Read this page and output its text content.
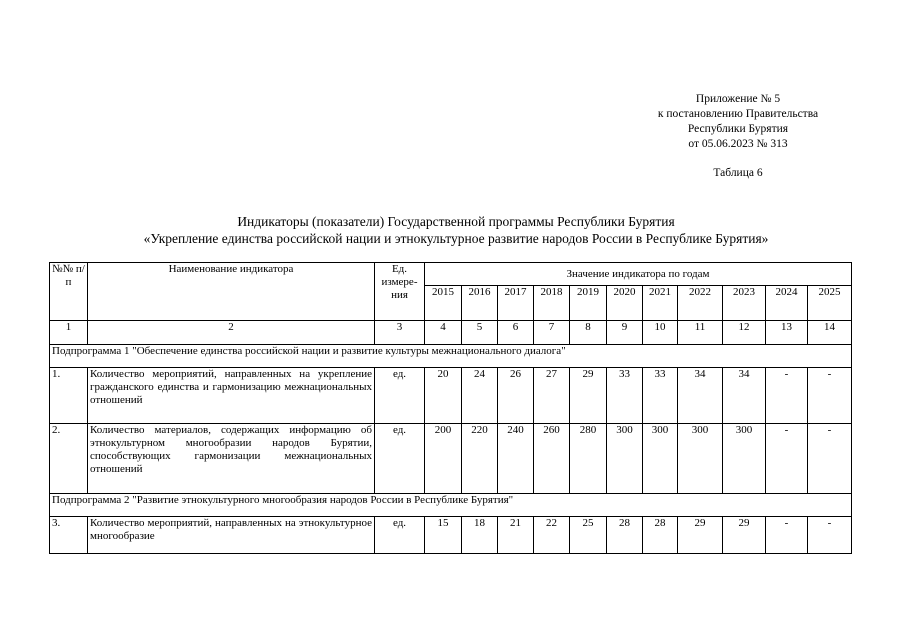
Приложение № 5
к постановлению Правительства
Республики Бурятия
от 05.06.2023 № 313
Таблица 6
Индикаторы (показатели) Государственной программы Республики Бурятия
«Укрепление единства российской нации и этнокультурное развитие народов России в Республике Бурятия»
№№ п/п	Наименование индикатора	Ед. измере-ния	Значение индикатора по годам										
			2015	2016	2017	2018	2019	2020	2021	2022	2023	2024	2025
1	2	3	4	5	6	7	8	9	10	11	12	13	14
Подпрограмма 1 "Обеспечение единства российской нации и развитие культуры межнационального диалога"													
1.	Количество мероприятий, направленных на укрепление гражданского единства и гармонизацию межнациональных отношений	ед.	20	24	26	27	29	33	33	34	34	-	-
2.	Количество материалов, содержащих информацию об этнокультурном многообразии народов Бурятии, способствующих гармонизации межнациональных отношений	ед.	200	220	240	260	280	300	300	300	300	-	-
Подпрограмма 2 "Развитие этнокультурного многообразия народов России в Республике Бурятия"													
3.	Количество мероприятий, направленных на этнокультурное многообразие	ед.	15	18	21	22	25	28	28	29	29	-	-
